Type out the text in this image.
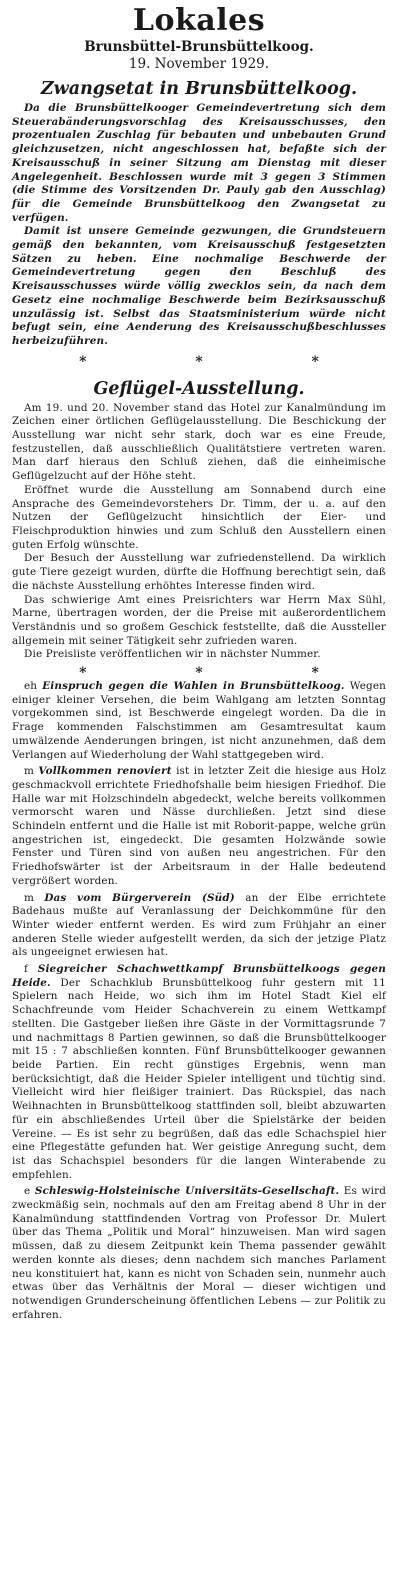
Lokales
Brunsbüttel-Brunsbüttelkoog.
19. November 1929.
Zwangsetat in Brunsbüttelkoog.

Da die Brunsbüttelkooger Gemeindevertretung sich dem Steuerabänderungsvorschlag des Kreisausschusses, den prozentualen Zuschlag für bebauten und unbebauten Grund gleichzusetzen, nicht angeschlossen hat, befaßte sich der Kreisausschuß in seiner Sitzung am Dienstag mit dieser Angelegenheit. Beschlossen wurde mit 3 gegen 3 Stimmen (die Stimme des Vorsitzenden Dr. Pauly gab den Ausschlag) für die Gemeinde Brunsbüttelkoog den Zwangsetat zu verfügen.

Damit ist unsere Gemeinde gezwungen, die Grundsteuern gemäß den bekannten, vom Kreisausschuß festgesetzten Sätzen zu heben. Eine nochmalige Beschwerde der Gemeindevertretung gegen den Beschluß des Kreisausschusses würde völlig zwecklos sein, da nach dem Gesetz eine nochmalige Beschwerde beim Bezirksausschuß unzulässig ist. Selbst das Staatsministerium würde nicht befugt sein, eine Aenderung des Kreisausschußbeschlusses herbeizuführen.

* * *
Geflügel-Ausstellung.

Am 19. und 20. November stand das Hotel zur Kanalmündung im Zeichen einer örtlichen Geflügelausstellung. Die Beschickung der Ausstellung war nicht sehr stark, doch war es eine Freude, festzustellen, daß ausschließlich Qualitätstiere vertreten waren. Man darf hieraus den Schluß ziehen, daß die einheimische Geflügelzucht auf der Höhe steht.

Eröffnet wurde die Ausstellung am Sonnabend durch eine Ansprache des Gemeindevorstehers Dr. Timm, der u. a. auf den Nutzen der Geflügelzucht hinsichtlich der Eier- und Fleischproduktion hinwies und zum Schluß den Ausstellern einen guten Erfolg wünschte.

Der Besuch der Ausstellung war zufriedenstellend. Da wirklich gute Tiere gezeigt wurden, dürfte die Hoffnung berechtigt sein, daß die nächste Ausstellung erhöhtes Interesse finden wird.

Das schwierige Amt eines Preisrichters war Herrn Max Sühl, Marne, übertragen worden, der die Preise mit außerordentlichem Verständnis und so großem Geschick feststellte, daß die Aussteller allgemein mit seiner Tätigkeit sehr zufrieden waren.

Die Preisliste veröffentlichen wir in nächster Nummer.

* * *

eh Einspruch gegen die Wahlen in Brunsbüttelkoog. Wegen einiger kleiner Versehen, die beim Wahlgang am letzten Sonntag vorgekommen sind, ist Beschwerde eingelegt worden. Da die in Frage kommenden Falschstimmen am Gesamtresultat kaum umwälzende Aenderungen bringen, ist nicht anzunehmen, daß dem Verlangen auf Wiederholung der Wahl stattgegeben wird.

m Vollkommen renoviert ist in letzter Zeit die hiesige aus Holz geschmackvoll errichtete Friedhofshalle beim hiesigen Friedhof. Die Halle war mit Holzschindeln abgedeckt, welche bereits vollkommen vermorscht waren und Nässe durchließen. Jetzt sind diese Schindeln entfernt und die Halle ist mit Roborit-pappe, welche grün angestrichen ist, eingedeckt. Die gesamten Holzwände sowie Fenster und Türen sind von außen neu angestrichen. Für den Friedhofswärter ist der Arbeitsraum in der Halle bedeutend vergrößert worden.

m Das vom Bürgerverein (Süd) an der Elbe errichtete Badehaus mußte auf Veranlassung der Deichkommüne für den Winter wieder entfernt werden. Es wird zum Frühjahr an einer anderen Stelle wieder aufgestellt werden, da sich der jetzige Platz als ungeeignet erwiesen hat.

f Siegreicher Schachwettkampf Brunsbüttelkoogs gegen Heide. Der Schachklub Brunsbüttelkoog fuhr gestern mit 11 Spielern nach Heide, wo sich ihm im Hotel Stadt Kiel elf Schachfreunde vom Heider Schachverein zu einem Wettkampf stellten. Die Gastgeber ließen ihre Gäste in der Vormittagsrunde 7 und nachmittags 8 Partien gewinnen, so daß die Brunsbüttelkooger mit 15 : 7 abschließen konnten. Fünf Brunsbüttelkooger gewannen beide Partien. Ein recht günstiges Ergebnis, wenn man berücksichtigt, daß die Heider Spieler intelligent und tüchtig sind. Vielleicht wird hier fleißiger trainiert. Das Rückspiel, das nach Weihnachten in Brunsbüttelkoog stattfinden soll, bleibt abzuwarten für ein abschließendes Urteil über die Spielstärke der beiden Vereine. — Es ist sehr zu begrüßen, daß das edle Schachspiel hier eine Pflegestätte gefunden hat. Wer geistige Anregung sucht, dem ist das Schachspiel besonders für die langen Winterabende zu empfehlen.

e Schleswig-Holsteinische Universitäts-Gesellschaft. Es wird zweckmäßig sein, nochmals auf den am Freitag abend 8 Uhr in der Kanalmündung stattfindenden Vortrag von Professor Dr. Mulert über das Thema „Politik und Moral“ hinzuweisen. Man wird sagen müssen, daß zu diesem Zeitpunkt kein Thema passender gewählt werden konnte als dieses; denn nachdem sich manches Parlament neu konstituiert hat, kann es nicht von Schaden sein, nunmehr auch etwas über das Verhältnis der Moral — dieser wichtigen und notwendigen Grunderscheinung öffentlichen Lebens — zur Politik zu erfahren.
